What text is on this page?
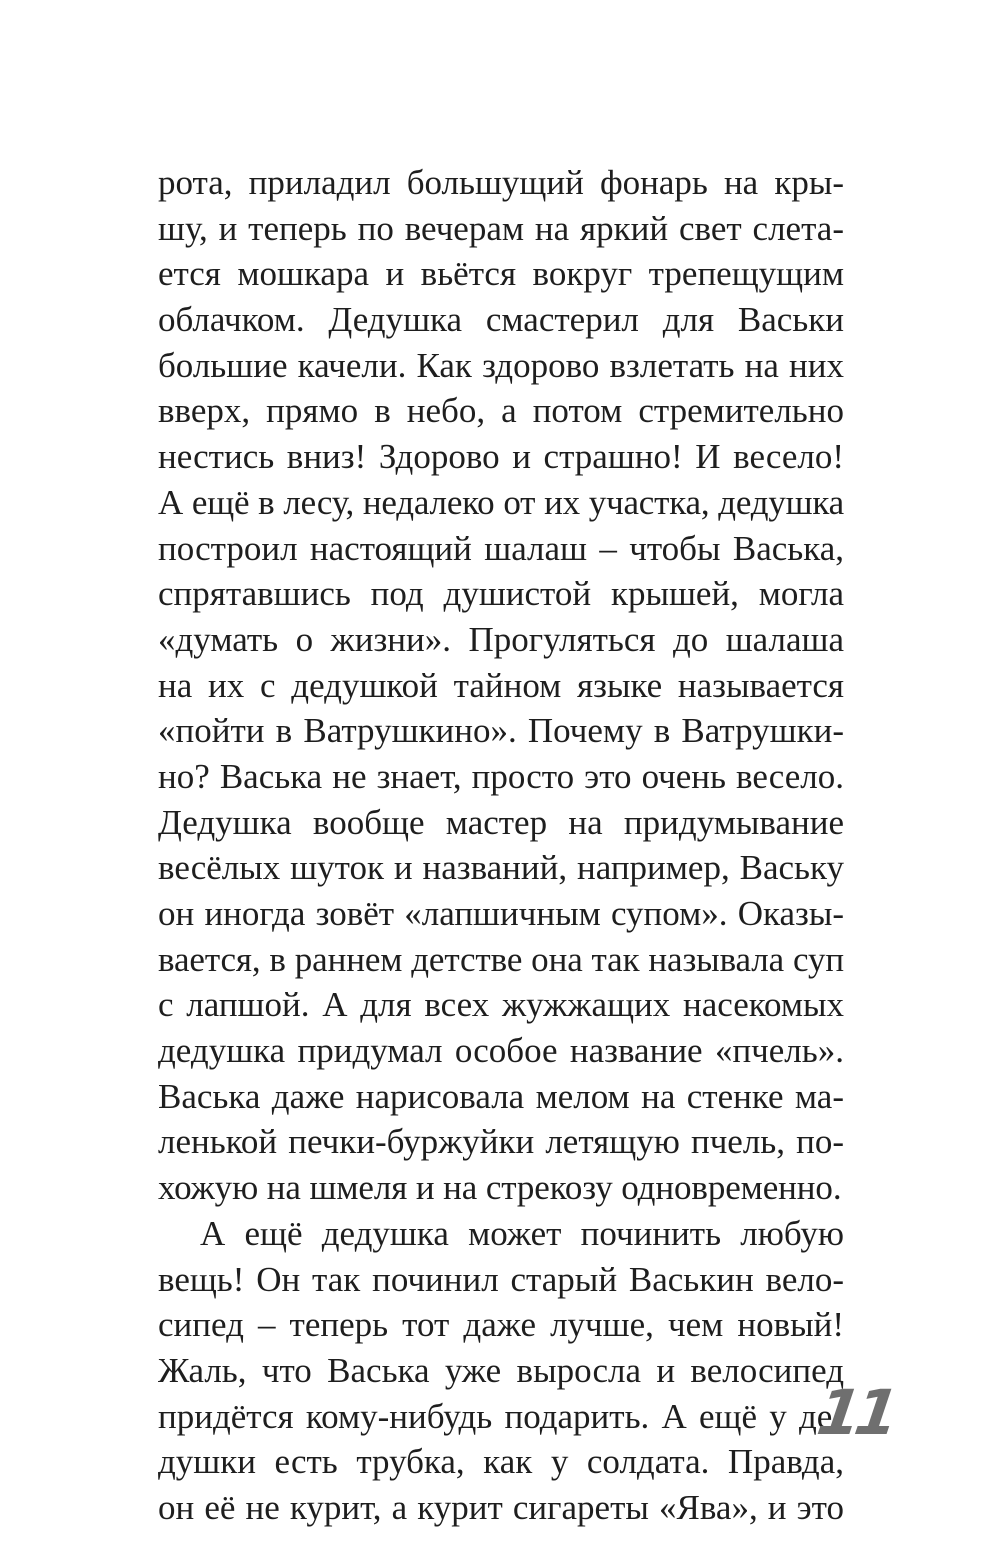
рота, приладил большущий фонарь на кры-
шу, и теперь по вечерам на яркий свет слета-
ется мошкара и вьётся вокруг трепещущим
облачком. Дедушка смастерил для Васьки
большие качели. Как здорово взлетать на них
вверх, прямо в небо, а потом стремительно
нестись вниз! Здорово и страшно! И весело!
А ещё в лесу, недалеко от их участка, дедушка
построил настоящий шалаш – чтобы Васька,
спрятавшись под душистой крышей, могла
«думать о жизни». Прогуляться до шалаша
на их с дедушкой тайном языке называется
«пойти в Ватрушкино». Почему в Ватрушки-
но? Васька не знает, просто это очень весело.
Дедушка вообще мастер на придумывание
весёлых шуток и названий, например, Ваську
он иногда зовёт «лапшичным супом». Оказы-
вается, в раннем детстве она так называла суп
с лапшой. А для всех жужжащих насекомых
дедушка придумал особое название «пчель».
Васька даже нарисовала мелом на стенке ма-
ленькой печки-буржуйки летящую пчель, по-
хожую на шмеля и на стрекозу одновременно.
А ещё дедушка может починить любую
вещь! Он так починил старый Васькин вело-
сипед – теперь тот даже лучше, чем новый!
Жаль, что Васька уже выросла и велосипед
придётся кому-нибудь подарить. А ещё у де-
душки есть трубка, как у солдата. Правда,
он её не курит, а курит сигареты «Ява», и это
11
